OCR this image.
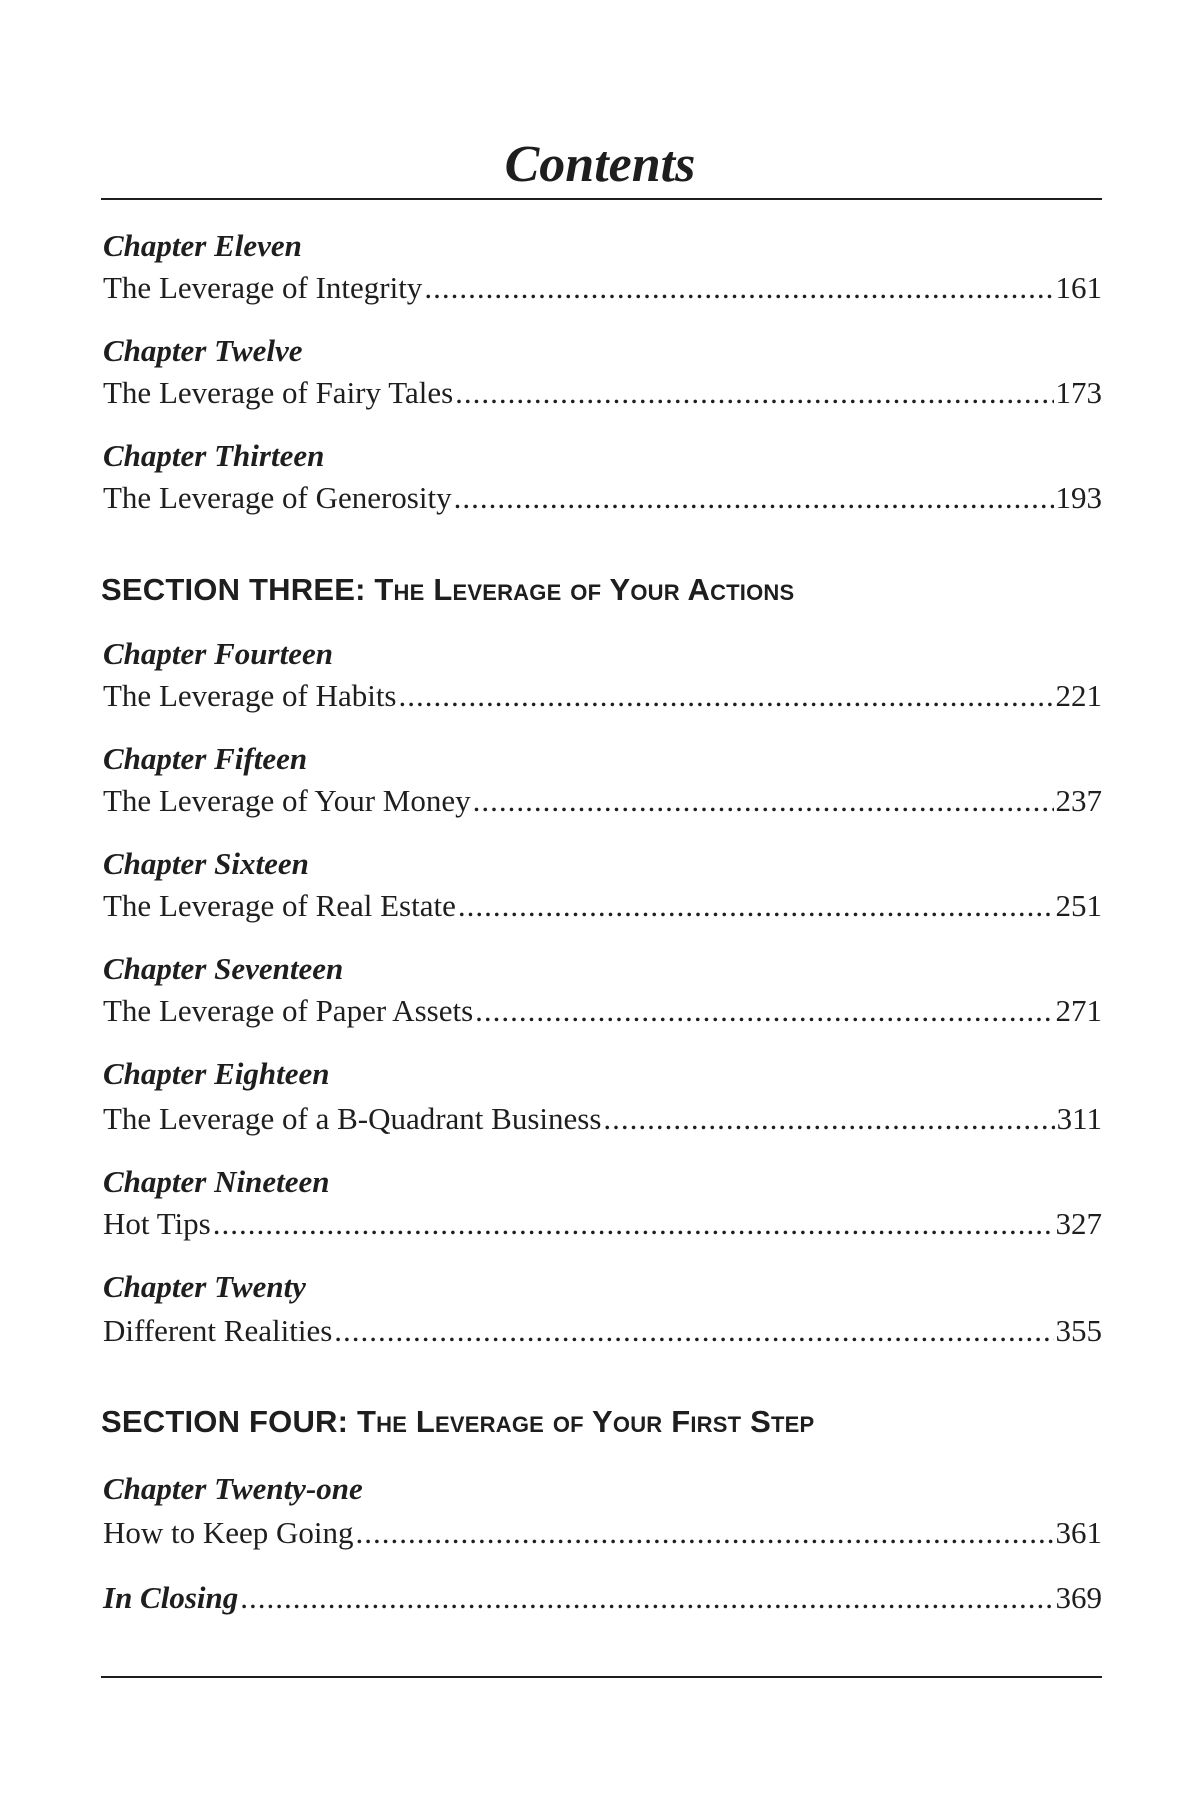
Contents
Chapter Eleven
The Leverage of Integrity .....	161
Chapter Twelve
The Leverage of Fairy Tales .....	173
Chapter Thirteen
The Leverage of Generosity .....	193
SECTION THREE: The Leverage of Your Actions
Chapter Fourteen
The Leverage of Habits .....	221
Chapter Fifteen
The Leverage of Your Money .....	237
Chapter Sixteen
The Leverage of Real Estate .....	251
Chapter Seventeen
The Leverage of Paper Assets .....	271
Chapter Eighteen
The Leverage of a B-Quadrant Business .....	311
Chapter Nineteen
Hot Tips .....	327
Chapter Twenty
Different Realities .....	355
SECTION FOUR: The Leverage of Your First Step
Chapter Twenty-one
How to Keep Going .....	361
In Closing .....	369
